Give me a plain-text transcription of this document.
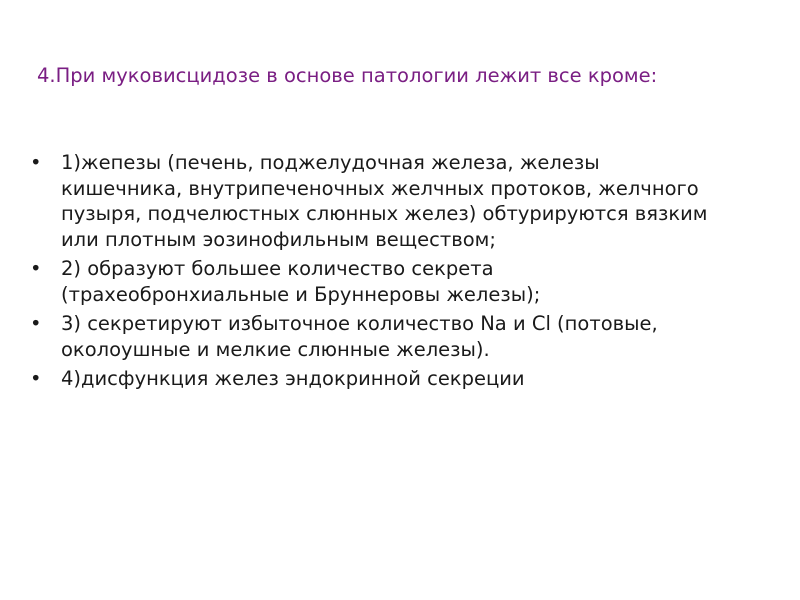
4.При муковисцидозе в основе патологии лежит все кроме:
• 1)жепезы (печень, поджелудочная железа, железы кишечника, внутрипеченочных желчных протоков, желчного пузыря, подчелюстных слюнных желез) обтурируются вязким или плотным эозинофильным веществом;
• 2) образуют большее количество секрета (трахеобронхиальные и Бруннеровы железы);
• 3) секретируют избыточное количество Na и Cl (потовые, околоушные и мелкие слюнные железы).
• 4)дисфункция желез эндокринной секреции
